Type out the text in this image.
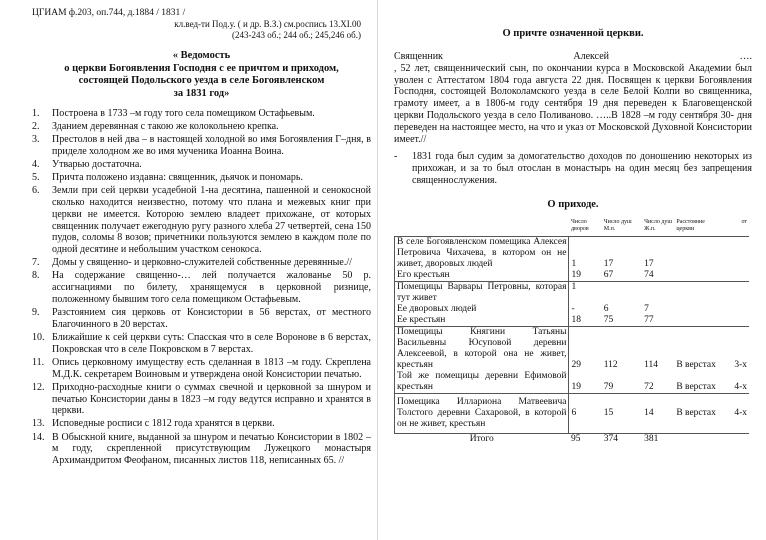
ЦГИАМ ф.203, оп.744, д.1884 / 1831 /
кл.вед-ти Под.у. ( и др. В.З.) см.роспись 13.XI.00
(243-243 об.; 244 об.; 245,246 об.)
« Ведомость
о церкви Богоявления Господня с ее причтом и приходом,
состоящей Подольского уезда в селе Богоявленском
за 1831 год»
1.	Построена в 1733 –м году того села помещиком Остафьевым.
2.	Зданием деревянная с такою же колокольнею крепка.
3.	Престолов в ней два – в настоящей холодной во имя Богоявления Г–дня, в приделе холодном же во имя мученика Иоанна Воина.
4.	Утварью достаточна.
5.	Причта положено издавна: священник, дьячок и пономарь.
6.	Земли при сей церкви усадебной 1-на десятина, пашенной и сенокосной сколько находится неизвестно, потому что плана и межевых книг при церкви не имеется. Которою землею владеет прихожане, от которых священник получает ежегодную ругу разного хлеба 27 четвертей, сена 150 пудов, соломы 8 возов; причетники пользуются землею в каждом поле по одной десятине и небольшим участком сенокоса.
7.	Домы у священно- и церковно-служителей собственные деревянные.//
8.	На содержание священно-… лей получается жалованье 50 р. ассигнациями по билету, хранящемуся в церковной ризнице, положенному бывшим того села помещиком Остафьевым.
9.	Разстоянием сия церковь от Консистории в 56 верстах, от местного Благочинного в 20 верстах.
10. Ближайшие к сей церкви суть: Спасская что в селе Воронове в 6 верстах, Покровская что в селе Покровском в 7 верстах.
11. Опись церковному имуществу есть сделанная в 1813 –м году. Скреплена М.Д.К. секретарем Воиновым и утверждена оной Консистории печатью.
12. Приходно-расходные книги о суммах свечной и церковной за шнуром и печатью Консистории даны в 1823 –м году ведутся исправно и хранятся в церкви.
13. Исповедные росписи с 1812 года хранятся в церкви.
14. В Обыскной книге, выданной за шнуром и печатью Консистории в 1802 –м году, скрепленной присутствующим Лужецкого монастыря Архимандритом Феофаном, писанных листов 118, неписанных 65. //
О причте означенной церкви.
Священник	Алексей	….
, 52 лет, священнический сын, по окончании курса в Московской Академии был уволен с Аттестатом 1804 года августа 22 дня. Посвящен к церкви Богоявления Господня, состоящей Волоколамского уезда в селе Белой Колпи во священника, грамоту имеет, а в 1806-м году сентября 19 дня переведен к Благовещенской церкви Подольского уезда в село Поливаново. …..В 1828 –м году сентября 30- дня переведен на настоящее место, на что и указ от Московской Духовной Консистории имеет.//
-	1831 года был судим за домогательство доходов по доношению некоторых из прихожан, и за то был отослан в монастырь на один месяц без запрещения священнослужения.
О приходе.
	Число дворов	Число душ М.п.	Число душ Ж.п.	Расстояние церкви	от
В селе Богоявленском помещика Алексея Петровича Чихачева, в котором он не живет, дворовых людей	1	17	17		
Его крестьян	19	67	74		
Помещицы Варвары Петровны, которая тут живет	1				
Ее дворовых людей	-	6	7		
Ее крестьян	18	75	77		
Помещицы Княгини Татьяны Васильевны Юсуповой деревни Алексеевой, в которой она не живет, крестьян	29	112	114	В верстах	3-х
Той же помещицы деревни Ефимовой крестьян	19	79	72	В верстах	4-х
Помещика Иллариона Матвеевича Толстого деревни Сахаровой, в которой он не живет, крестьян	6	15	14	В верстах	4-х
Итого	95	374	381		
